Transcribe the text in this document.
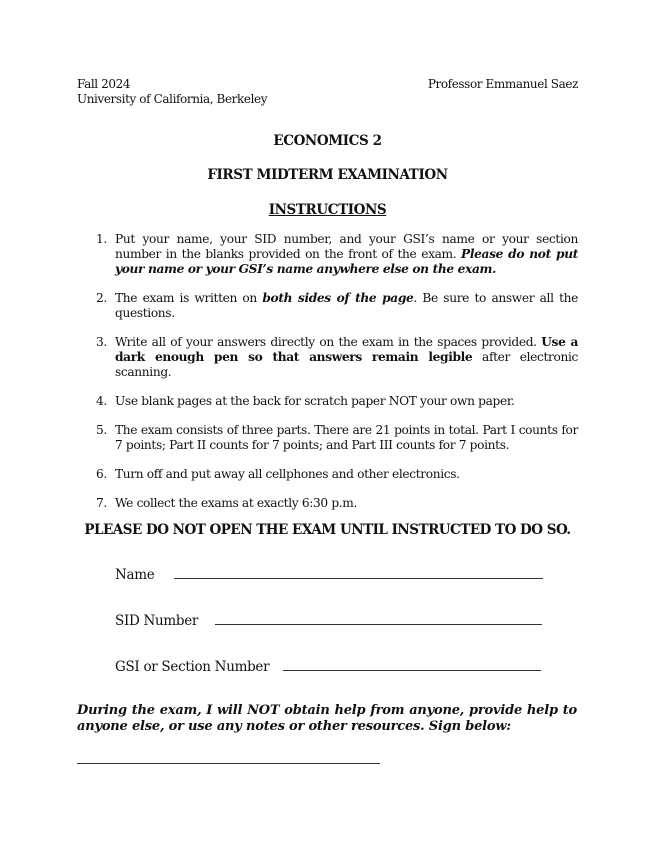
Fall 2024
University of California, Berkeley
Professor Emmanuel Saez
ECONOMICS 2
FIRST MIDTERM EXAMINATION
INSTRUCTIONS
1. Put your name, your SID number, and your GSI’s name or your section number in the blanks provided on the front of the exam. Please do not put your name or your GSI’s name anywhere else on the exam.
2. The exam is written on both sides of the page. Be sure to answer all the questions.
3. Write all of your answers directly on the exam in the spaces provided. Use a dark enough pen so that answers remain legible after electronic scanning.
4. Use blank pages at the back for scratch paper NOT your own paper.
5. The exam consists of three parts. There are 21 points in total. Part I counts for 7 points; Part II counts for 7 points; and Part III counts for 7 points.
6. Turn off and put away all cellphones and other electronics.
7. We collect the exams at exactly 6:30 p.m.
PLEASE DO NOT OPEN THE EXAM UNTIL INSTRUCTED TO DO SO.
Name
SID Number
GSI or Section Number
During the exam, I will NOT obtain help from anyone, provide help to anyone else, or use any notes or other resources. Sign below:
